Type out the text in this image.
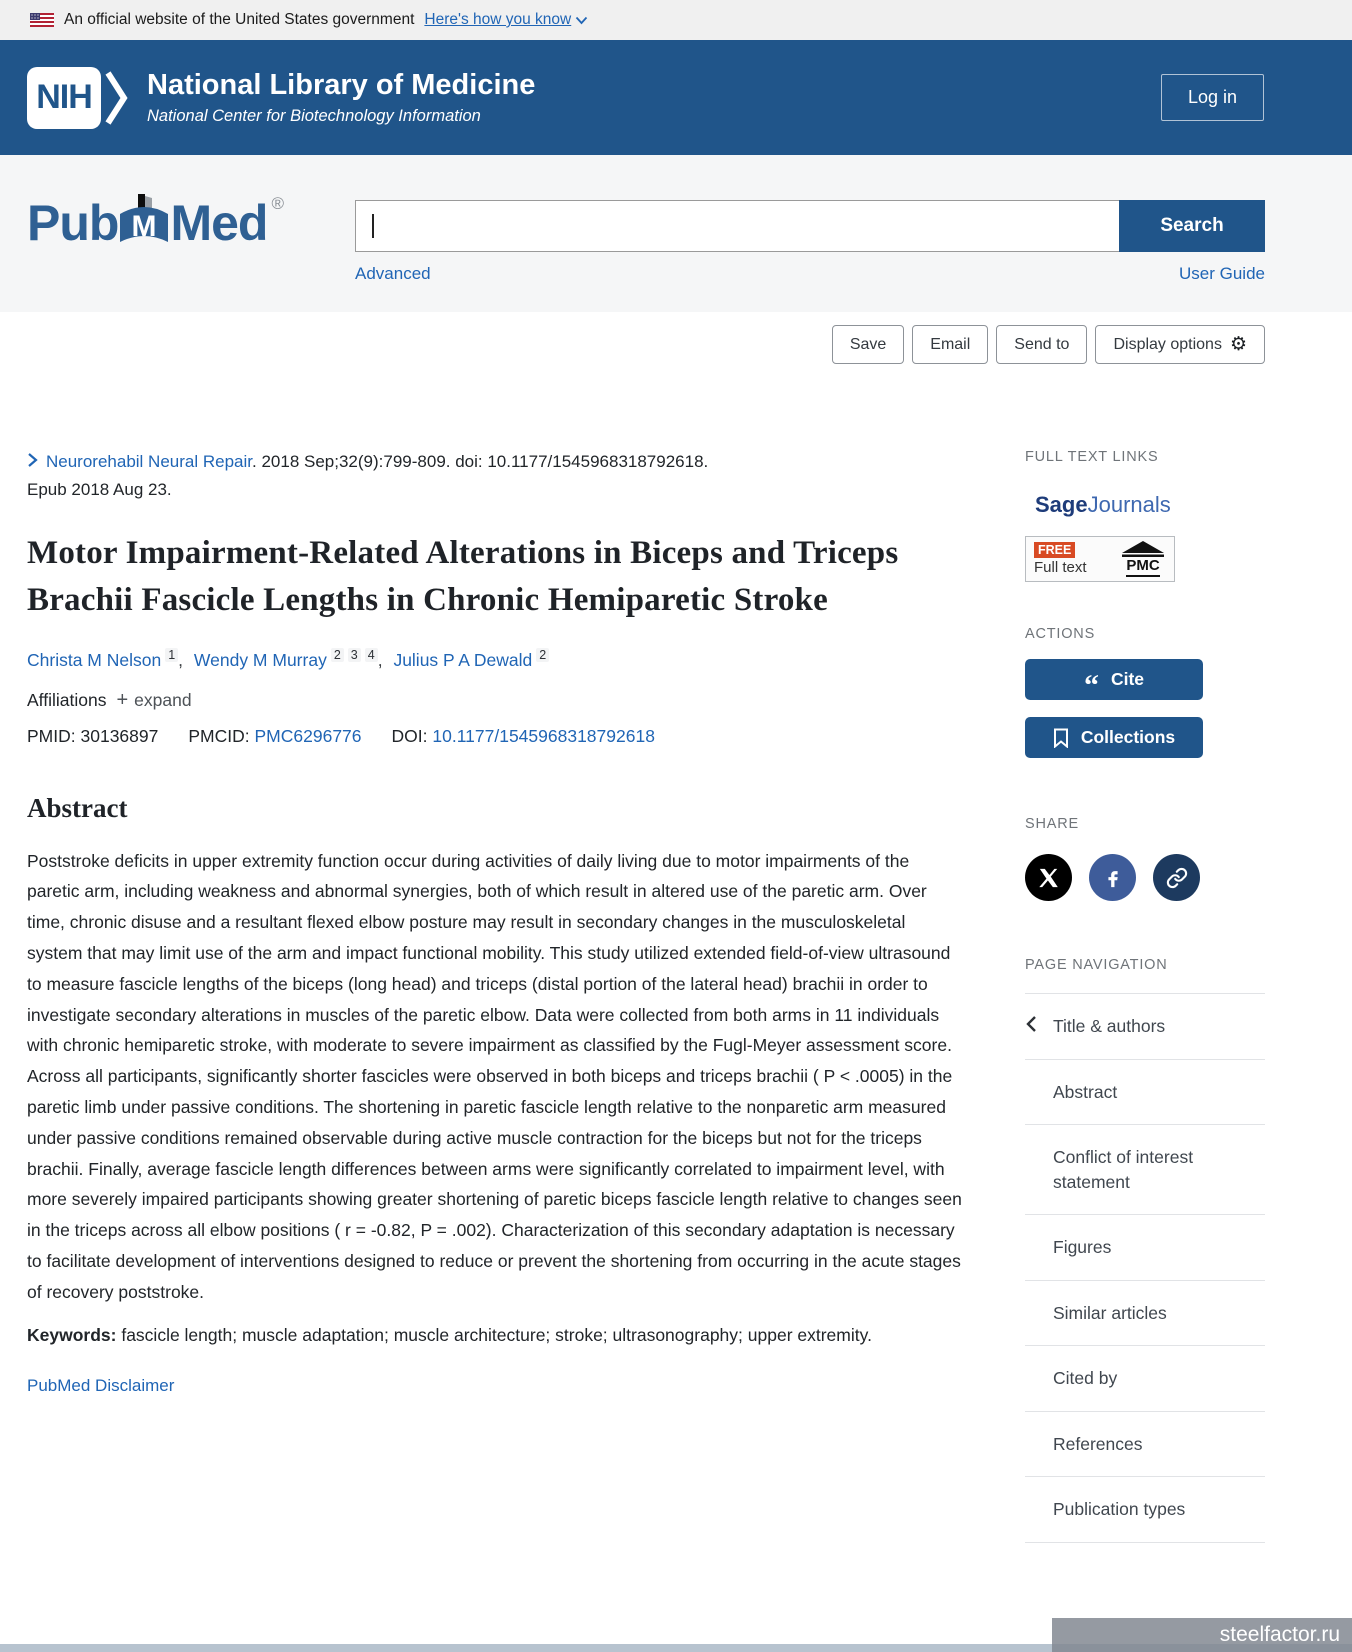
An official website of the United States government Here's how you know
NIH	National Library of Medicine
National Center for Biotechnology Information
Log in
Pub M Med ®
Search
Advanced	User Guide
Save	Email	Send to	Display options ⚙
Neurorehabil Neural Repair. 2018 Sep;32(9):799-809. doi: 10.1177/1545968318792618.
Epub 2018 Aug 23.
Motor Impairment-Related Alterations in Biceps and Triceps Brachii Fascicle Lengths in Chronic Hemiparetic Stroke
Christa M Nelson $^1$ , Wendy M Murray $^2$ $^3$ $^4$ , Julius P A Dewald $^2$
Affiliations + expand
PMID: 30136897 PMCID: PMC6296776 DOI: 10.1177/1545968318792618
Abstract

Poststroke deficits in upper extremity function occur during activities of daily living due to motor impairments of the paretic arm, including weakness and abnormal synergies, both of which result in altered use of the paretic arm. Over time, chronic disuse and a resultant flexed elbow posture may result in secondary changes in the musculoskeletal system that may limit use of the arm and impact functional mobility. This study utilized extended field-of-view ultrasound to measure fascicle lengths of the biceps (long head) and triceps (distal portion of the lateral head) brachii in order to investigate secondary alterations in muscles of the paretic elbow. Data were collected from both arms in 11 individuals with chronic hemiparetic stroke, with moderate to severe impairment as classified by the Fugl-Meyer assessment score. Across all participants, significantly shorter fascicles were observed in both biceps and triceps brachii ( P < .0005) in the paretic limb under passive conditions. The shortening in paretic fascicle length relative to the nonparetic arm measured under passive conditions remained observable during active muscle contraction for the biceps but not for the triceps brachii. Finally, average fascicle length differences between arms were significantly correlated to impairment level, with more severely impaired participants showing greater shortening of paretic biceps fascicle length relative to changes seen in the triceps across all elbow positions ( r = -0.82, P = .002). Characterization of this secondary adaptation is necessary to facilitate development of interventions designed to reduce or prevent the shortening from occurring in the acute stages of recovery poststroke.

Keywords: fascicle length; muscle adaptation; muscle architecture; stroke; ultrasonography; upper extremity.

PubMed Disclaimer
FULL TEXT LINKS
SageJournals
FREE
Full text	PMC
ACTIONS
“ Cite
Collections
SHARE
PAGE NAVIGATION
Title & authors
Abstract
Conflict of interest statement
Figures
Similar articles
Cited by
References
Publication types
steelfactor.ru
